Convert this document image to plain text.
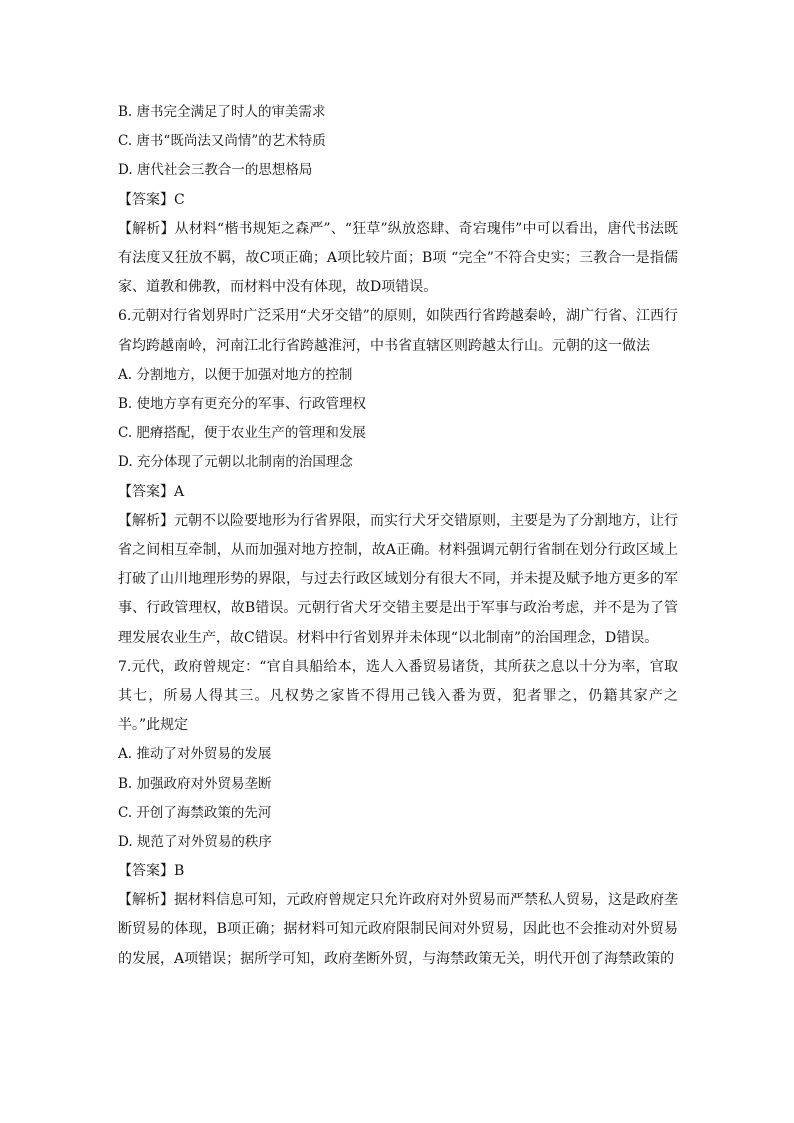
B. 唐书完全满足了时人的审美需求
C. 唐书“既尚法又尚情”的艺术特质
D. 唐代社会三教合一的思想格局
【答案】C
【解析】从材料“楷书规矩之森严”、“狂草”纵放恣肆、奇宕瑰伟”中可以看出，唐代书法既有法度又狂放不羁，故C项正确；A项比较片面；B项 “完全”不符合史实；三教合一是指儒家、道教和佛教，而材料中没有体现，故D项错误。
6.元朝对行省划界时广泛采用“犬牙交错”的原则，如陕西行省跨越秦岭，湖广行省、江西行省均跨越南岭，河南江北行省跨越淮河，中书省直辖区则跨越太行山。元朝的这一做法
A. 分割地方，以便于加强对地方的控制
B. 使地方享有更充分的军事、行政管理权
C. 肥瘠搭配，便于农业生产的管理和发展
D. 充分体现了元朝以北制南的治国理念
【答案】A
【解析】元朝不以险要地形为行省界限，而实行犬牙交错原则，主要是为了分割地方，让行省之间相互牵制，从而加强对地方控制，故A正确。材料强调元朝行省制在划分行政区域上打破了山川地理形势的界限，与过去行政区域划分有很大不同，并未提及赋予地方更多的军事、行政管理权，故B错误。元朝行省犬牙交错主要是出于军事与政治考虑，并不是为了管理发展农业生产，故C错误。材料中行省划界并未体现“以北制南”的治国理念，D错误。
7.元代，政府曾规定：“官自具船给本，选人入番贸易诸货，其所获之息以十分为率，官取其七，所易人得其三。凡权势之家皆不得用己钱入番为贾，犯者罪之，仍籍其家产之半。”此规定
A. 推动了对外贸易的发展
B. 加强政府对外贸易垄断
C. 开创了海禁政策的先河
D. 规范了对外贸易的秩序
【答案】B
【解析】据材料信息可知，元政府曾规定只允许政府对外贸易而严禁私人贸易，这是政府垄断贸易的体现，B项正确；据材料可知元政府限制民间对外贸易，因此也不会推动对外贸易的发展，A项错误；据所学可知，政府垄断外贸，与海禁政策无关，明代开创了海禁政策的
